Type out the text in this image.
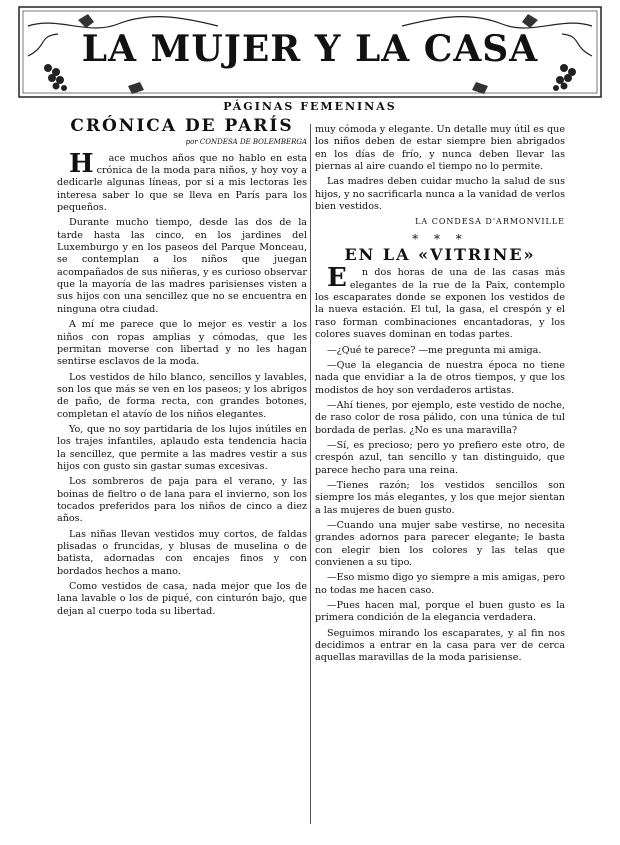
LA MUJER Y LA CASA
PÁGINAS FEMENINAS
CRÓNICA DE PARÍS
por CONDESA DE BOLEMBERGA

Hace muchos años que no hablo en esta crónica de la moda para niños, y hoy voy a dedicarle algunas líneas, por si a mis lectoras les interesa saber lo que se lleva en París para los pequeños.

Durante mucho tiempo, desde las dos de la tarde hasta las cinco, en los jardines del Luxemburgo y en los paseos del Parque Monceau, se contemplan a los niños que juegan acompañados de sus niñeras, y es curioso observar que la mayoría de las madres parisienses visten a sus hijos con una sencillez que no se encuentra en ninguna otra ciudad.

A mí me parece que lo mejor es vestir a los niños con ropas amplias y cómodas, que les permitan moverse con libertad y no les hagan sentirse esclavos de la moda.

Los vestidos de hilo blanco, sencillos y lavables, son los que más se ven en los paseos; y los abrigos de paño, de forma recta, con grandes botones, completan el atavío de los niños elegantes.

Yo, que no soy partidaria de los lujos inútiles en los trajes infantiles, aplaudo esta tendencia hacia la sencillez, que permite a las madres vestir a sus hijos con gusto sin gastar sumas excesivas.

Los sombreros de paja para el verano, y las boinas de fieltro o de lana para el invierno, son los tocados preferidos para los niños de cinco a diez años.

Las niñas llevan vestidos muy cortos, de faldas plisadas o fruncidas, y blusas de muselina o de batista, adornadas con encajes finos y con bordados hechos a mano.

Como vestidos de casa, nada mejor que los de lana lavable o los de piqué, con cinturón bajo, que dejan al cuerpo toda su libertad.

muy cómoda y elegante. Un detalle muy útil es que los niños deben de estar siempre bien abrigados en los días de frío, y nunca deben llevar las piernas al aire cuando el tiempo no lo permite.

Las madres deben cuidar mucho la salud de sus hijos, y no sacrificarla nunca a la vanidad de verlos bien vestidos.

LA CONDESA D'ARMONVILLE
* * *
EN LA «VITRINE»

En dos horas de una de las casas más elegantes de la rue de la Paix, contemplo los escaparates donde se exponen los vestidos de la nueva estación. El tul, la gasa, el crespón y el raso forman combinaciones encantadoras, y los colores suaves dominan en todas partes.

—¿Qué te parece? —me pregunta mi amiga.

—Que la elegancia de nuestra época no tiene nada que envidiar a la de otros tiempos, y que los modistos de hoy son verdaderos artistas.

—Ahí tienes, por ejemplo, este vestido de noche, de raso color de rosa pálido, con una túnica de tul bordada de perlas. ¿No es una maravilla?

—Sí, es precioso; pero yo prefiero este otro, de crespón azul, tan sencillo y tan distinguido, que parece hecho para una reina.

—Tienes razón; los vestidos sencillos son siempre los más elegantes, y los que mejor sientan a las mujeres de buen gusto.

—Cuando una mujer sabe vestirse, no necesita grandes adornos para parecer elegante; le basta con elegir bien los colores y las telas que convienen a su tipo.

—Eso mismo digo yo siempre a mis amigas, pero no todas me hacen caso.

—Pues hacen mal, porque el buen gusto es la primera condición de la elegancia verdadera.

Seguimos mirando los escaparates, y al fin nos decidimos a entrar en la casa para ver de cerca aquellas maravillas de la moda parisiense.
